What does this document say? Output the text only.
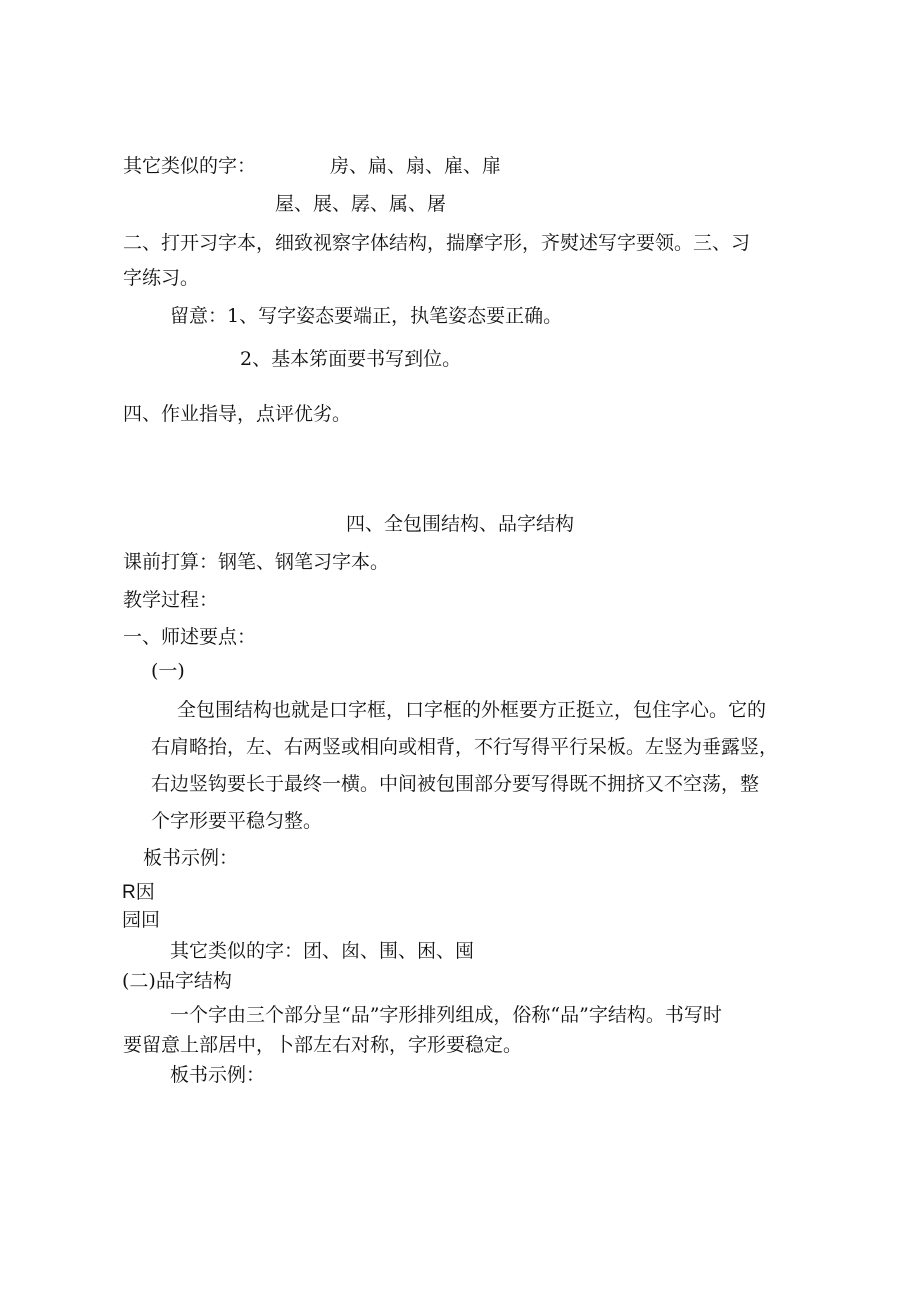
其它类似的字：	房、扁、扇、雇、扉
屋、展、孱、属、屠
二、打开习字本，细致视察字体结构，揣摩字形，齐熨述写字要领。三、习
字练习。
留意：1、写字姿态要端正，执笔姿态要正确。
2、基本笫面要书写到位。
四、作业指导，点评优劣。
四、全包围结构、品字结构
课前打算：钢笔、钢笔习字本。
教学过程：
一、师述要点：
(一)
全包围结构也就是口字框，口字框的外框要方正挺立，包住字心。它的
右肩略抬，左、右两竖或相向或相背，不行写得平行呆板。左竖为垂露竖，
右边竖钩要长于最终一横。中间被包围部分要写得既不拥挤又不空荡，整
个字形要平稳匀整。
板书示例：
R因
园回
其它类似的字：团、囱、围、困、囤
(二)品字结构
一个字由三个部分呈“品”字形排列组成，俗称“品”字结构。书写时
要留意上部居中，卜部左右对称，字形要稳定。
板书示例：
